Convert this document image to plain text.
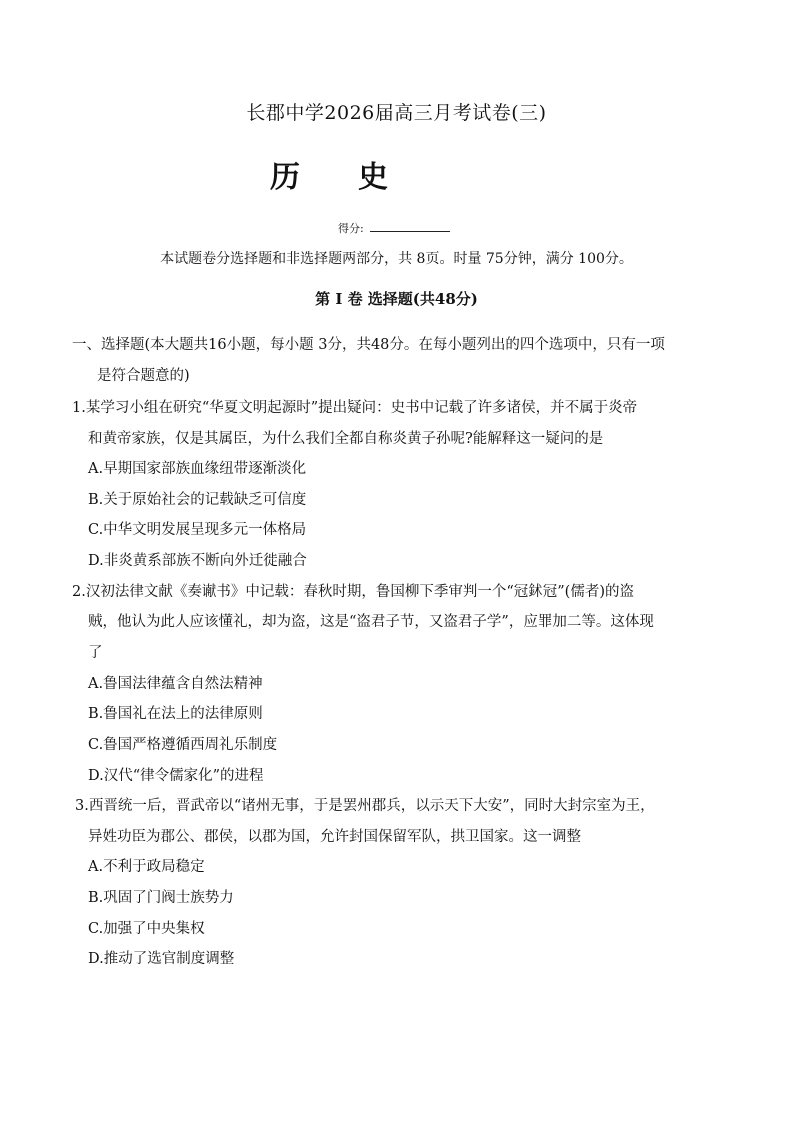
长郡中学2026届高三月考试卷(三)
历 史
得分:
本试题卷分选择题和非选择题两部分，共 8页。时量 75分钟，满分 100分。
第 Ⅰ 卷 选择题(共48分)
一、选择题(本大题共16小题，每小题 3分，共48分。在每小题列出的四个选项中，只有一项
是符合题意的)
1.某学习小组在研究“华夏文明起源时”提出疑问：史书中记载了许多诸侯，并不属于炎帝
和黄帝家族，仅是其属臣，为什么我们全都自称炎黄子孙呢?能解释这一疑问的是
A.早期国家部族血缘纽带逐渐淡化
B.关于原始社会的记载缺乏可信度
C.中华文明发展呈现多元一体格局
D.非炎黄系部族不断向外迁徙融合
2.汉初法律文献《奏谳书》中记载：春秋时期，鲁国柳下季审判一个“冠鉥冠”(儒者)的盗
贼，他认为此人应该懂礼，却为盗，这是“盗君子节，又盗君子学”，应罪加二等。这体现
了
A.鲁国法律蕴含自然法精神
B.鲁国礼在法上的法律原则
C.鲁国严格遵循西周礼乐制度
D.汉代“律令儒家化”的进程
3.西晋统一后，晋武帝以“诸州无事，于是罢州郡兵，以示天下大安”，同时大封宗室为王，
异姓功臣为郡公、郡侯，以郡为国，允许封国保留军队，拱卫国家。这一调整
A.不利于政局稳定
B.巩固了门阀士族势力
C.加强了中央集权
D.推动了选官制度调整
